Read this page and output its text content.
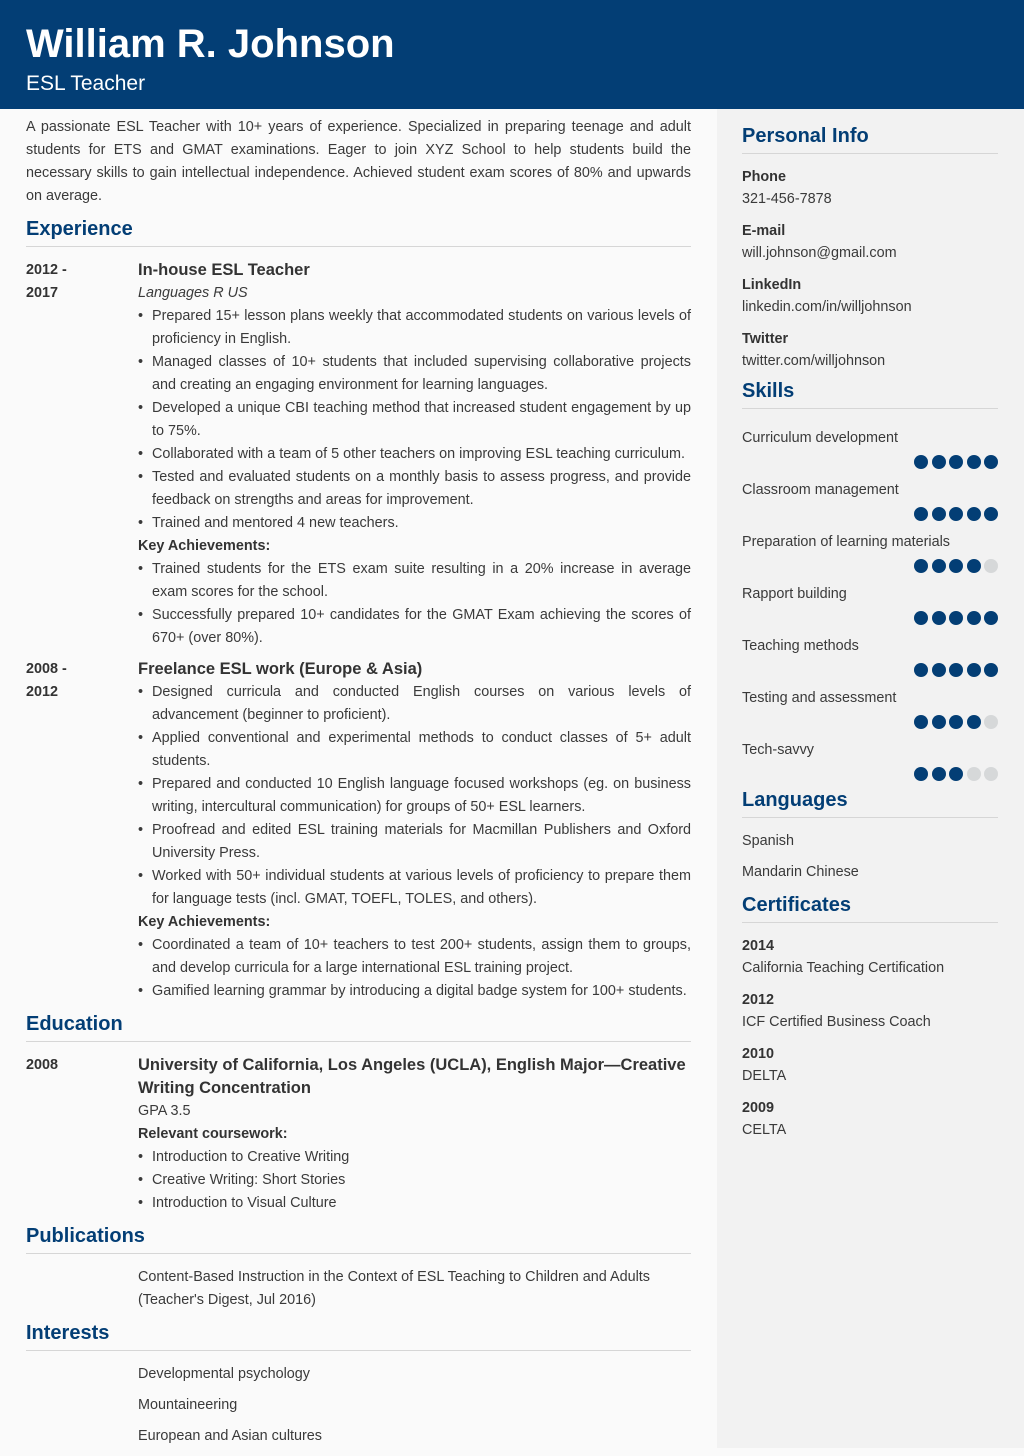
William R. Johnson
ESL Teacher

A passionate ESL Teacher with 10+ years of experience. Specialized in preparing teenage and adult students for ETS and GMAT examinations. Eager to join XYZ School to help students build the necessary skills to gain intellectual independence. Achieved student exam scores of 80% and upwards on average.

Experience
2012 - 2017
In-house ESL Teacher
Languages R US
• Prepared 15+ lesson plans weekly that accommodated students on various levels of proficiency in English.
• Managed classes of 10+ students that included supervising collaborative projects and creating an engaging environment for learning languages.
• Developed a unique CBI teaching method that increased student engagement by up to 75%.
• Collaborated with a team of 5 other teachers on improving ESL teaching curriculum.
• Tested and evaluated students on a monthly basis to assess progress, and provide feedback on strengths and areas for improvement.
• Trained and mentored 4 new teachers.
Key Achievements:
• Trained students for the ETS exam suite resulting in a 20% increase in average exam scores for the school.
• Successfully prepared 10+ candidates for the GMAT Exam achieving the scores of 670+ (over 80%).
2008 - 2012
Freelance ESL work (Europe & Asia)
• Designed curricula and conducted English courses on various levels of advancement (beginner to proficient).
• Applied conventional and experimental methods to conduct classes of 5+ adult students.
• Prepared and conducted 10 English language focused workshops (eg. on business writing, intercultural communication) for groups of 50+ ESL learners.
• Proofread and edited ESL training materials for Macmillan Publishers and Oxford University Press.
• Worked with 50+ individual students at various levels of proficiency to prepare them for language tests (incl. GMAT, TOEFL, TOLES, and others).
Key Achievements:
• Coordinated a team of 10+ teachers to test 200+ students, assign them to groups, and develop curricula for a large international ESL training project.
• Gamified learning grammar by introducing a digital badge system for 100+ students.
Education
2008	University of California, Los Angeles (UCLA), English Major—Creative Writing Concentration
GPA 3.5
Relevant coursework:
• Introduction to Creative Writing
• Creative Writing: Short Stories
• Introduction to Visual Culture
Publications

Content-Based Instruction in the Context of ESL Teaching to Children and Adults (Teacher's Digest, Jul 2016)

Interests

Developmental psychology

Mountaineering

European and Asian cultures

Personal Info
Phone
321-456-7878
E-mail
will.johnson@gmail.com
LinkedIn
linkedin.com/in/willjohnson
Twitter
twitter.com/willjohnson
Skills
Curriculum development
Classroom management
Preparation of learning materials
Rapport building
Teaching methods
Testing and assessment
Tech-savvy
Languages
Spanish
Mandarin Chinese
Certificates
2014
California Teaching Certification
2012
ICF Certified Business Coach
2010
DELTA
2009
CELTA
